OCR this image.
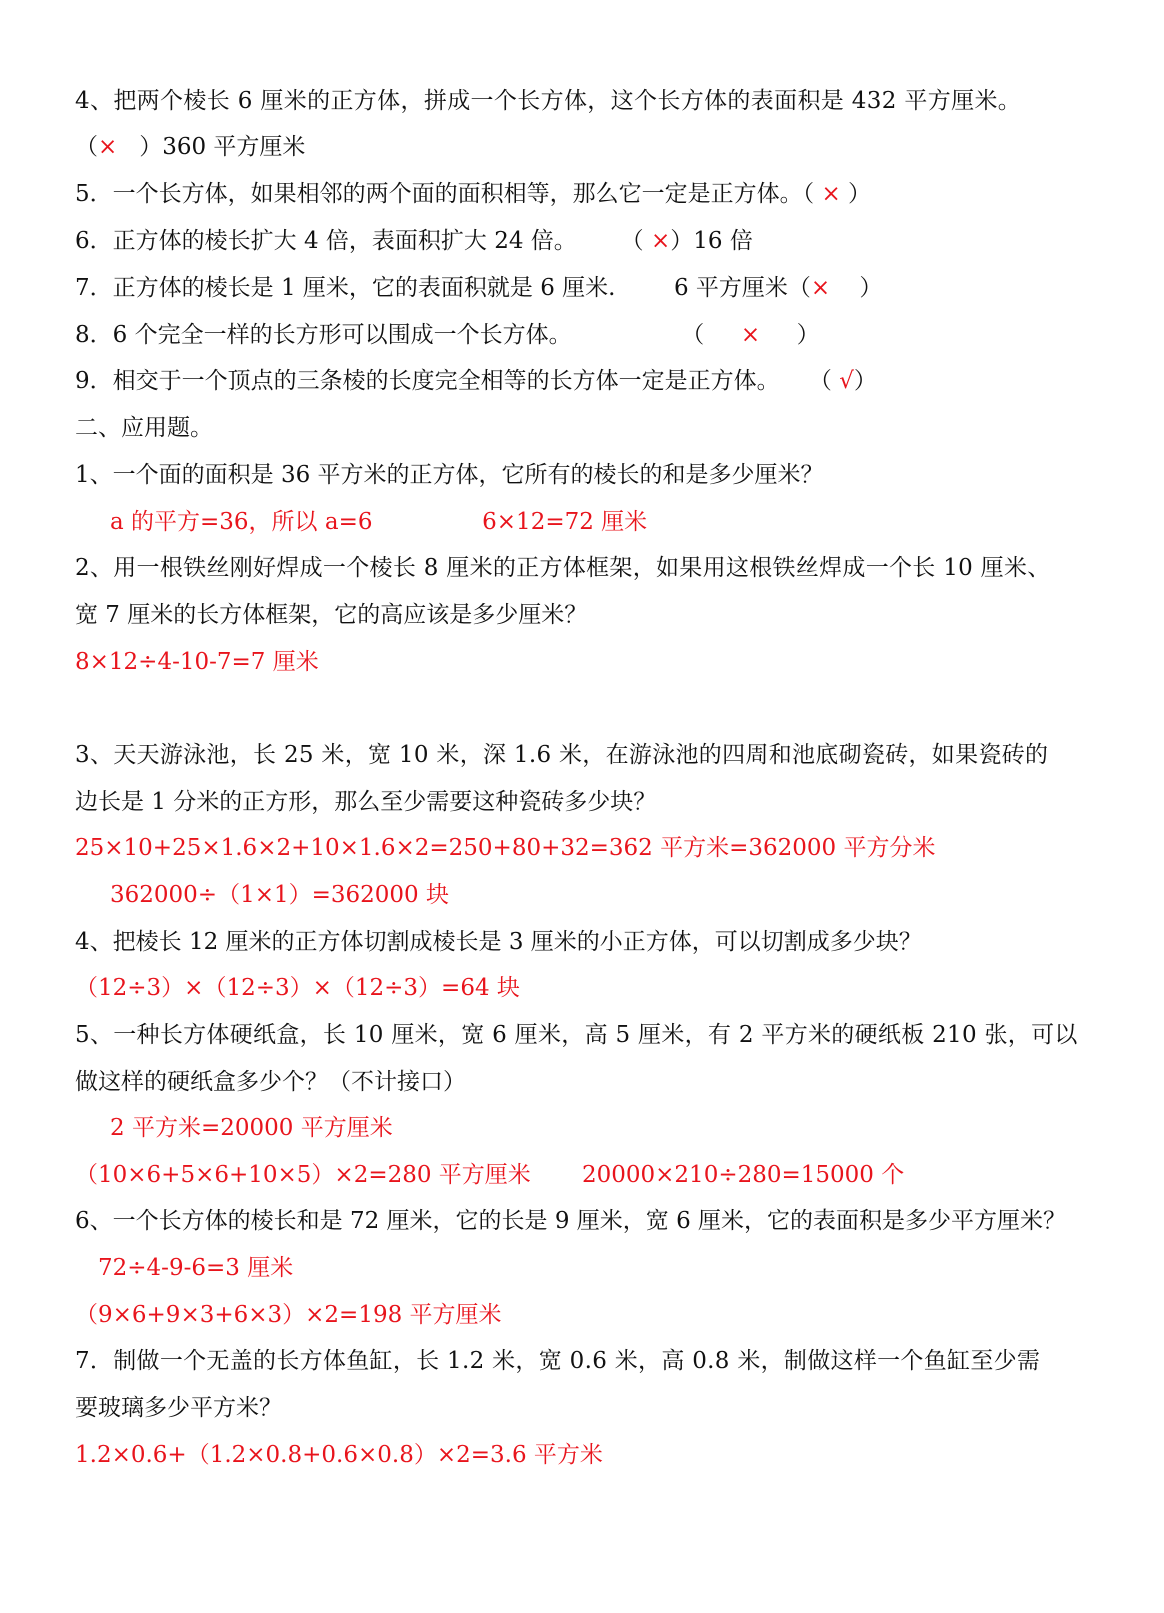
4、把两个棱长 6 厘米的正方体，拼成一个长方体，这个长方体的表面积是 432 平方厘米。
（×   ）360 平方厘米
5．一个长方体，如果相邻的两个面的面积相等，那么它一定是正方体。（ × ）
6．正方体的棱长扩大 4 倍，表面积扩大 24 倍。      （ ×）16 倍
7．正方体的棱长是 1 厘米，它的表面积就是 6 厘米.        6 平方厘米（×    ）
8．6 个完全一样的长方形可以围成一个长方体。               （     ×     ）
9．相交于一个顶点的三条棱的长度完全相等的长方体一定是正方体。    （ √）
二、应用题。
1、一个面的面积是 36 平方米的正方体，它所有的棱长的和是多少厘米？
a 的平方=36，所以 a=6               6×12=72 厘米
2、用一根铁丝刚好焊成一个棱长 8 厘米的正方体框架，如果用这根铁丝焊成一个长 10 厘米、
宽 7 厘米的长方体框架，它的高应该是多少厘米？
8×12÷4-10-7=7 厘米
3、天天游泳池，长 25 米，宽 10 米，深 1.6 米，在游泳池的四周和池底砌瓷砖，如果瓷砖的
边长是 1 分米的正方形，那么至少需要这种瓷砖多少块？
25×10+25×1.6×2+10×1.6×2=250+80+32=362 平方米=362000 平方分米
362000÷（1×1）=362000 块
4、把棱长 12 厘米的正方体切割成棱长是 3 厘米的小正方体，可以切割成多少块？
（12÷3）×（12÷3）×（12÷3）=64 块
5、一种长方体硬纸盒，长 10 厘米，宽 6 厘米，高 5 厘米，有 2 平方米的硬纸板 210 张，可以
做这样的硬纸盒多少个？（不计接口）
2 平方米=20000 平方厘米
（10×6+5×6+10×5）×2=280 平方厘米       20000×210÷280=15000 个
6、一个长方体的棱长和是 72 厘米，它的长是 9 厘米，宽 6 厘米，它的表面积是多少平方厘米？
72÷4-9-6=3 厘米
（9×6+9×3+6×3）×2=198 平方厘米
7．制做一个无盖的长方体鱼缸，长 1.2 米，宽 0.6 米，高 0.8 米，制做这样一个鱼缸至少需
要玻璃多少平方米？
1.2×0.6+（1.2×0.8+0.6×0.8）×2=3.6 平方米
